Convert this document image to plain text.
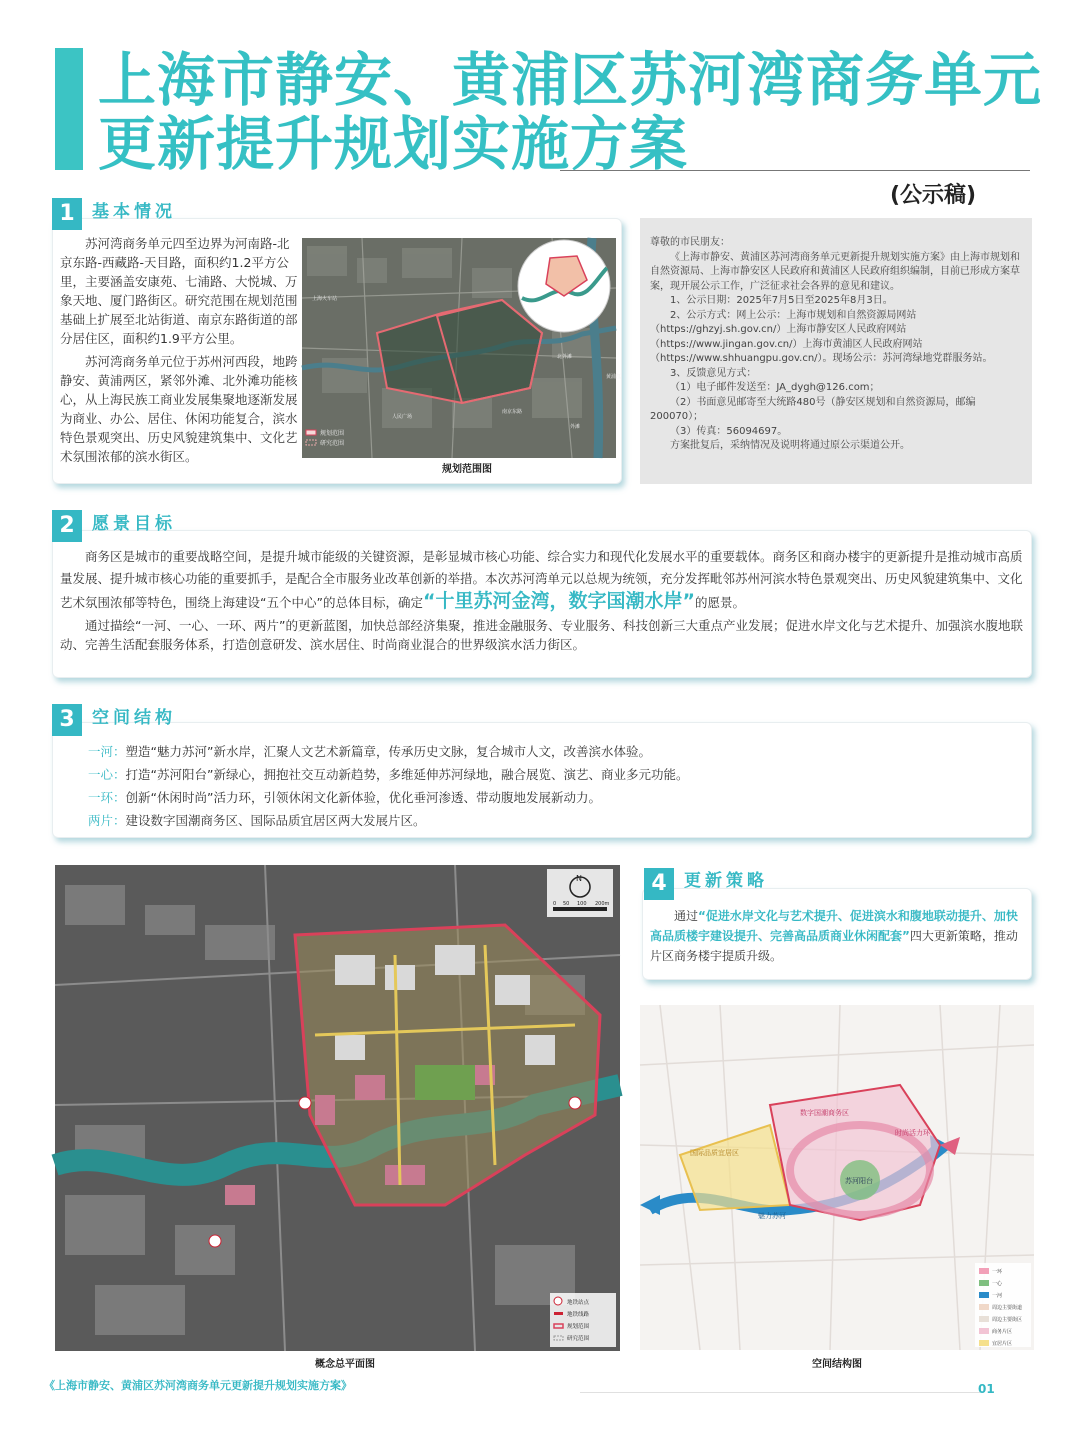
上海市静安、黄浦区苏河湾商务单元
更新提升规划实施方案
(公示稿)
1	基本情况

苏河湾商务单元四至边界为河南路-北京东路-西藏路-天目路，面积约1.2平方公里，主要涵盖安康苑、七浦路、大悦城、万象天地、厦门路街区。研究范围在规划范围基础上扩展至北站街道、南京东路街道的部分居住区，面积约1.9平方公里。

苏河湾商务单元位于苏州河西段，地跨静安、黄浦两区，紧邻外滩、北外滩功能核心，从上海民族工商业发展集聚地逐渐发展为商业、办公、居住、休闲功能复合，滨水特色景观突出、历史风貌建筑集中、文化艺术氛围浓郁的滨水街区。

规划范围
研究范围
上海火车站
北外滩
黄浦江
南京东路
外滩
人民广场
规划范围图
尊敬的市民朋友：
《上海市静安、黄浦区苏河湾商务单元更新提升规划实施方案》由上海市规划和自然资源局、上海市静安区人民政府和黄浦区人民政府组织编制，目前已形成方案草案，现开展公示工作，广泛征求社会各界的意见和建议。
1、公示日期：2025年7月5日至2025年8月3日。
2、公示方式：网上公示：上海市规划和自然资源局网站
（https://ghzyj.sh.gov.cn/）上海市静安区人民政府网站
（https://www.jingan.gov.cn/）上海市黄浦区人民政府网站
（https://www.shhuangpu.gov.cn/）。现场公示：苏河湾绿地党群服务站。
3、反馈意见方式：
（1）电子邮件发送至：JA_dygh@126.com；
（2）书面意见邮寄至大统路480号（静安区规划和自然资源局，邮编200070）；
（3）传真：56094697。
方案批复后，采纳情况及说明将通过原公示渠道公开。
2	愿景目标

商务区是城市的重要战略空间，是提升城市能级的关键资源，是彰显城市核心功能、综合实力和现代化发展水平的重要载体。商务区和商办楼宇的更新提升是推动城市高质量发展、提升城市核心功能的重要抓手，是配合全市服务业改革创新的举措。本次苏河湾单元以总规为统领，充分发挥毗邻苏州河滨水特色景观突出、历史风貌建筑集中、文化艺术氛围浓郁等特色，围绕上海建设“五个中心”的总体目标，确定“十里苏河金湾，数字国潮水岸”的愿景。

通过描绘“一河、一心、一环、两片”的更新蓝图，加快总部经济集聚，推进金融服务、专业服务、科技创新三大重点产业发展；促进水岸文化与艺术提升、加强滨水腹地联动、完善生活配套服务体系，打造创意研发、滨水居住、时尚商业混合的世界级滨水活力街区。

3	空间结构
一河：塑造“魅力苏河”新水岸，汇聚人文艺术新篇章，传承历史文脉，复合城市人文，改善滨水体验。
一心：打造“苏河阳台”新绿心，拥抱社交互动新趋势，多维延伸苏河绿地，融合展览、演艺、商业多元功能。
一环：创新“休闲时尚”活力环，引领休闲文化新体验，优化垂河渗透、带动腹地发展新动力。
两片：建设数字国潮商务区、国际品质宜居区两大发展片区。
N
0 50 100 200m
地铁站点
地铁线路
规划范围
研究范围
概念总平面图
4	更新策略

通过“促进水岸文化与艺术提升、促进滨水和腹地联动提升、加快高品质楼宇建设提升、完善高品质商业休闲配套”四大更新策略，推动片区商务楼宇提质升级。

数字国潮商务区
国际品质宜居区
时尚活力环
苏河阳台
魅力苏河
一环
一心
一河
周边主要街道
周边主要街区
商务片区
宜居片区
空间结构图
《上海市静安、黄浦区苏河湾商务单元更新提升规划实施方案》	01
